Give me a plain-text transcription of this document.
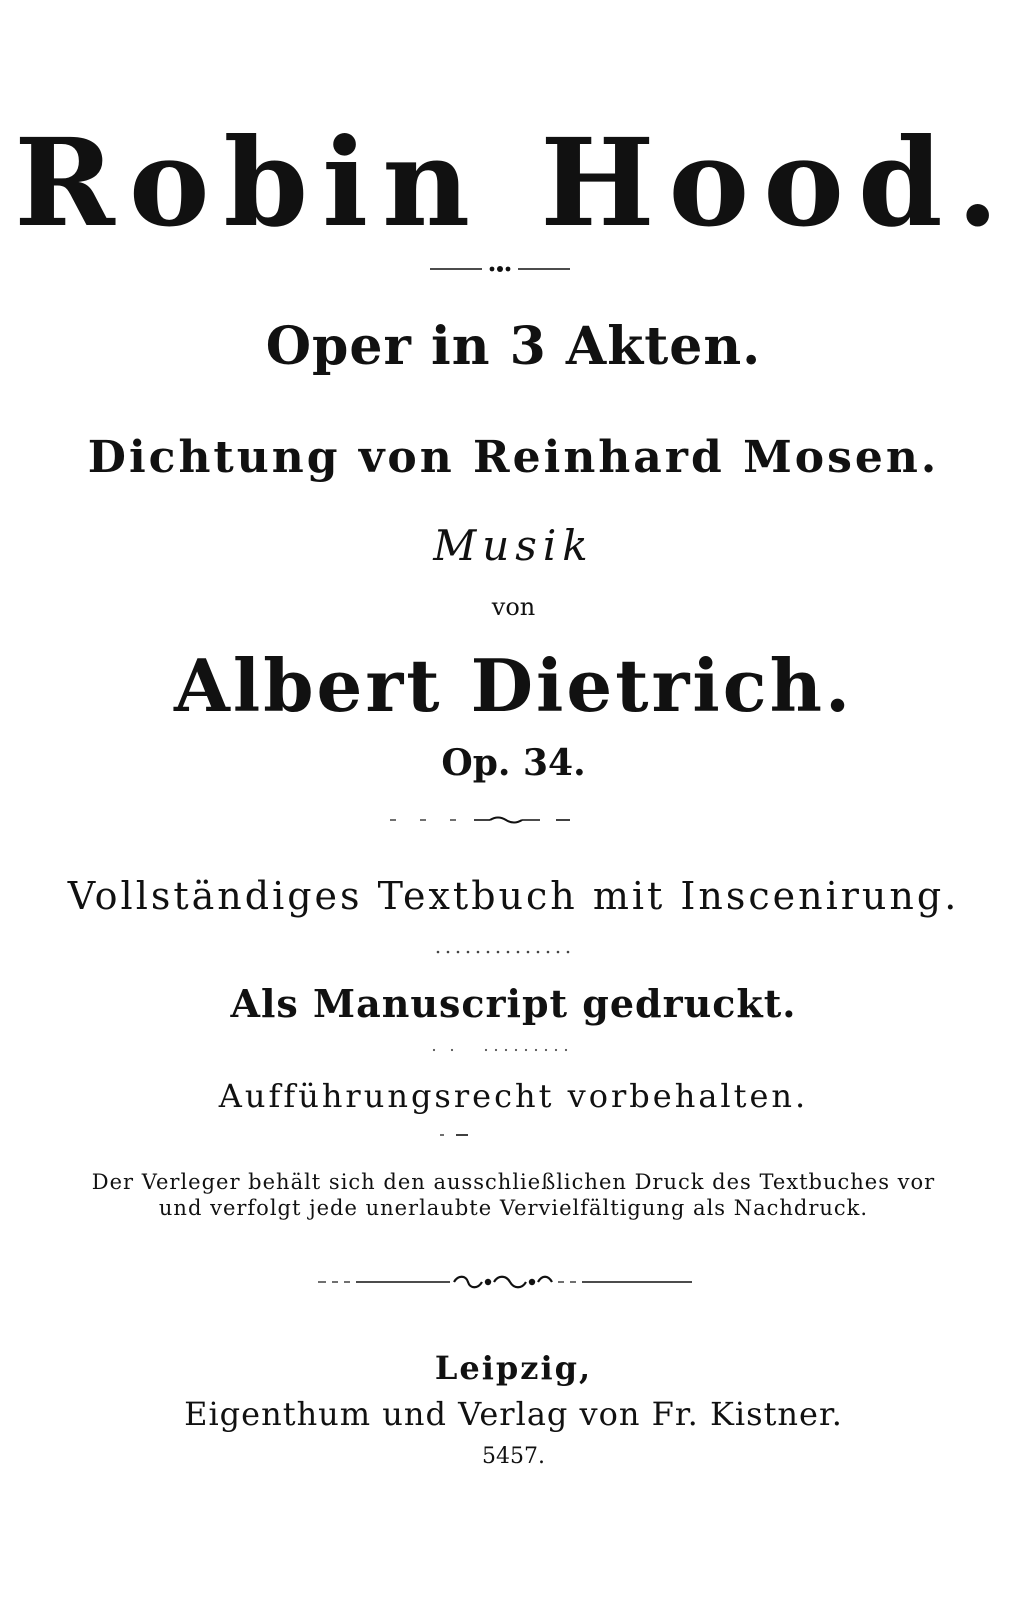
Robin Hood.
Oper in 3 Akten.

Dichtung von Reinhard Mosen.

Musik

von

Albert Dietrich.

Op. 34.

Vollständiges Textbuch mit Inscenirung.

Als Manuscript gedruckt.

Aufführungsrecht vorbehalten.

Der Verleger behält sich den ausschließlichen Druck des Textbuches vor

und verfolgt jede unerlaubte Vervielfältigung als Nachdruck.

Leipzig,

Eigenthum und Verlag von Fr. Kistner.

5457.
